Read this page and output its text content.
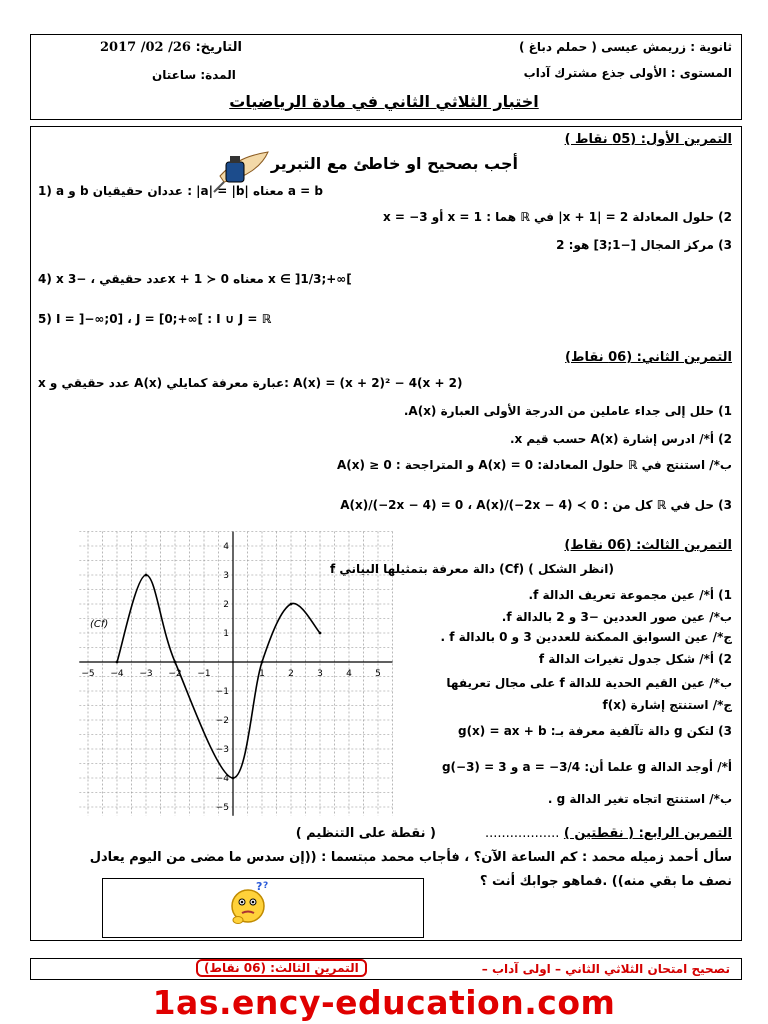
ثانوية : زريمش عيسى ( حملم دباغ )
المستوى : الأولى جذع مشترك آداب
التاريخ: 2017 /02 /26
المدة: ساعتان
اختبار الثلاثي الثاني في مادة الرياضيات
التمرين الأول: (05 نقاط )
أجب بصحيح او خاطئ مع التبرير
1) a و b عددان حقيقيان : |a| = |b| معناه a = b
2) حلول المعادلة 2 = |x + 1| في ℝ هما : x = 1 أو x = −3
3) مركز المجال [−1;3] هو: 2
4) x عدد حقيقي ، −3x + 1 ≻ 0 معناه x ∈ ]1/3;+∞[
5) I = ]−∞;0] ، J = [0;+∞[ : I ∪ J = ℝ
التمرين الثاني: (06 نقاط)
x عدد حقيقي و A(x) عبارة معرفة كمايلي: A(x) = (x + 2)² − 4(x + 2)
1) حلل إلى جداء عاملين من الدرجة الأولى العبارة A(x).
2) أ*/ ادرس إشارة A(x) حسب قيم x.
ب*/ استنتج في ℝ حلول المعادلة: A(x) = 0 و المتراجحة : A(x) ≥ 0
3) حل في ℝ كل من : A(x)/(−2x − 4) = 0 ، A(x)/(−2x − 4) ≺ 0
−5 −4 −3 −2 −1	1	2	3	4	5
4
3
2
1
−1
−2
−3
−4
−5
(Cf)
التمرين الثالث: (06 نقاط)
f دالة معرفة بتمثيلها البياني (Cf) ( انظر الشكل)
1) أ*/ عين مجموعة تعريف الدالة f.
ب*/ عين صور العددين −3 و 2 بالدالة f.
ج*/ عين السوابق الممكنة للعددين 3 و 0 بالدالة f .
2) أ*/ شكل جدول تغيرات الدالة f
ب*/ عين القيم الحدية للدالة f على مجال تعريفها
ج*/ استنتج إشارة f(x)
3) لتكن g دالة تآلفية معرفة بـ: g(x) = ax + b
أ*/ أوجد الدالة g علما أن: a = −3/4 و g(−3) = 3
ب*/ استنتج اتجاه تغير الدالة g .
التمرين الرابع: ( نقطتين ) ..................  ( نقطة على التنظيم )
سأل أحمد زميله محمد : كم الساعة الآن؟ ، فأجاب محمد مبتسما : ((إن سدس ما مضى من اليوم يعادل
نصف ما بقي منه)) .فماهو جوابك أنت ؟
? ?
تصحيح امتحان الثلاثي الثاني – اولى آداب –
التمرين الثالث: (06 نقاط)
1as.ency-education.com
